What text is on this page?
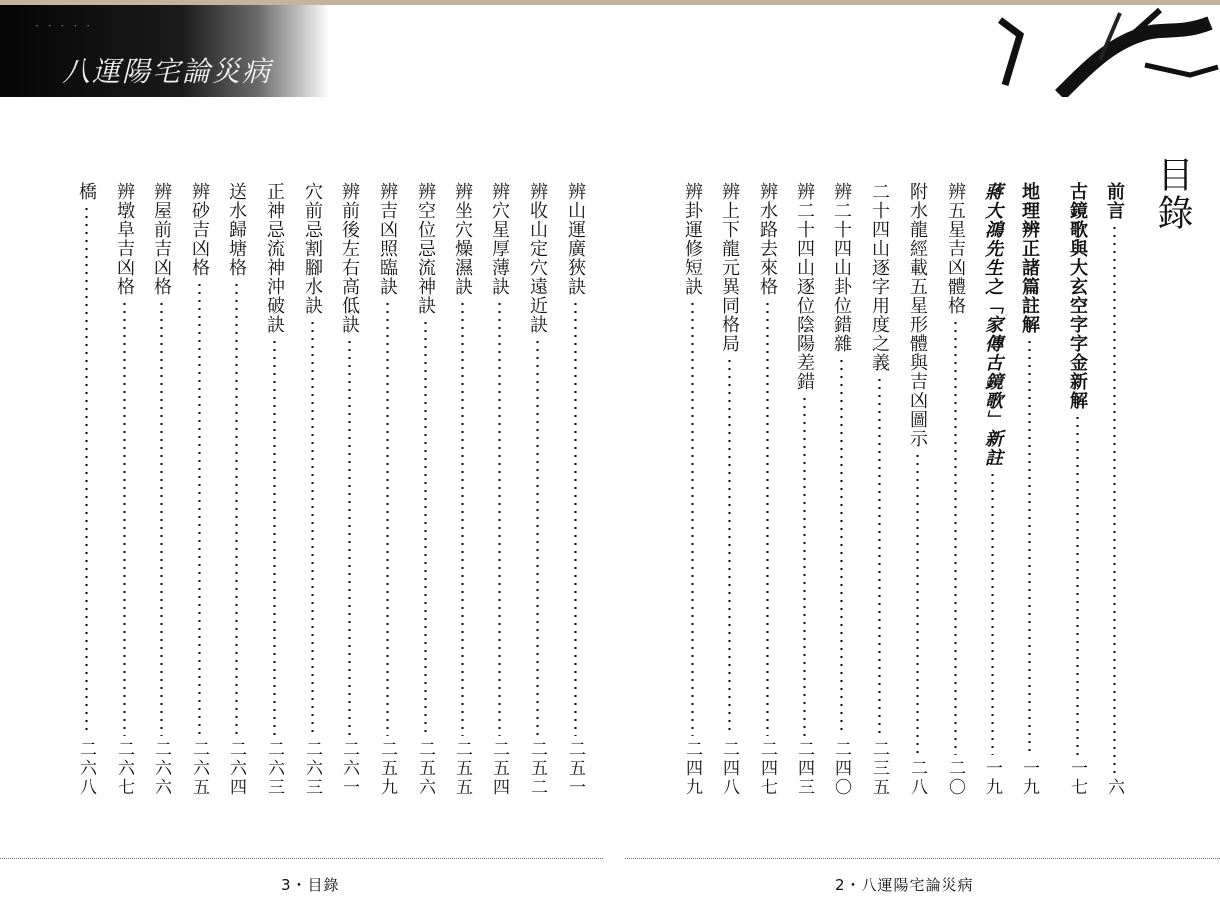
·····
八運陽宅論災病
前言
六
古鏡歌與大玄空字字金新解
一七
地理辨正諸篇註解
一九
蔣大鴻先生之「家傳古鏡歌」新註
一九
辨五星吉凶體格
二〇
附水龍經載五星形體與吉凶圖示
二八
二十四山逐字用度之義
二三五
辨二十四山卦位錯雜
二四〇
辨二十四山逐位陰陽差錯
二四三
辨水路去來格
二四七
辨上下龍元異同格局
二四八
辨卦運修短訣
二四九
辨山運廣狹訣
二五一
辨收山定穴遠近訣
二五二
辨穴星厚薄訣
二五四
辨坐穴燥濕訣
二五五
辨空位忌流神訣
二五六
辨吉凶照臨訣
二五九
辨前後左右高低訣
二六一
穴前忌割腳水訣
二六三
正神忌流神沖破訣
二六三
送水歸塘格
二六四
辨砂吉凶格
二六五
辨屋前吉凶格
二六六
辨墩阜吉凶格
二六七
橋
二六八
目錄
3・目錄	2・八運陽宅論災病
